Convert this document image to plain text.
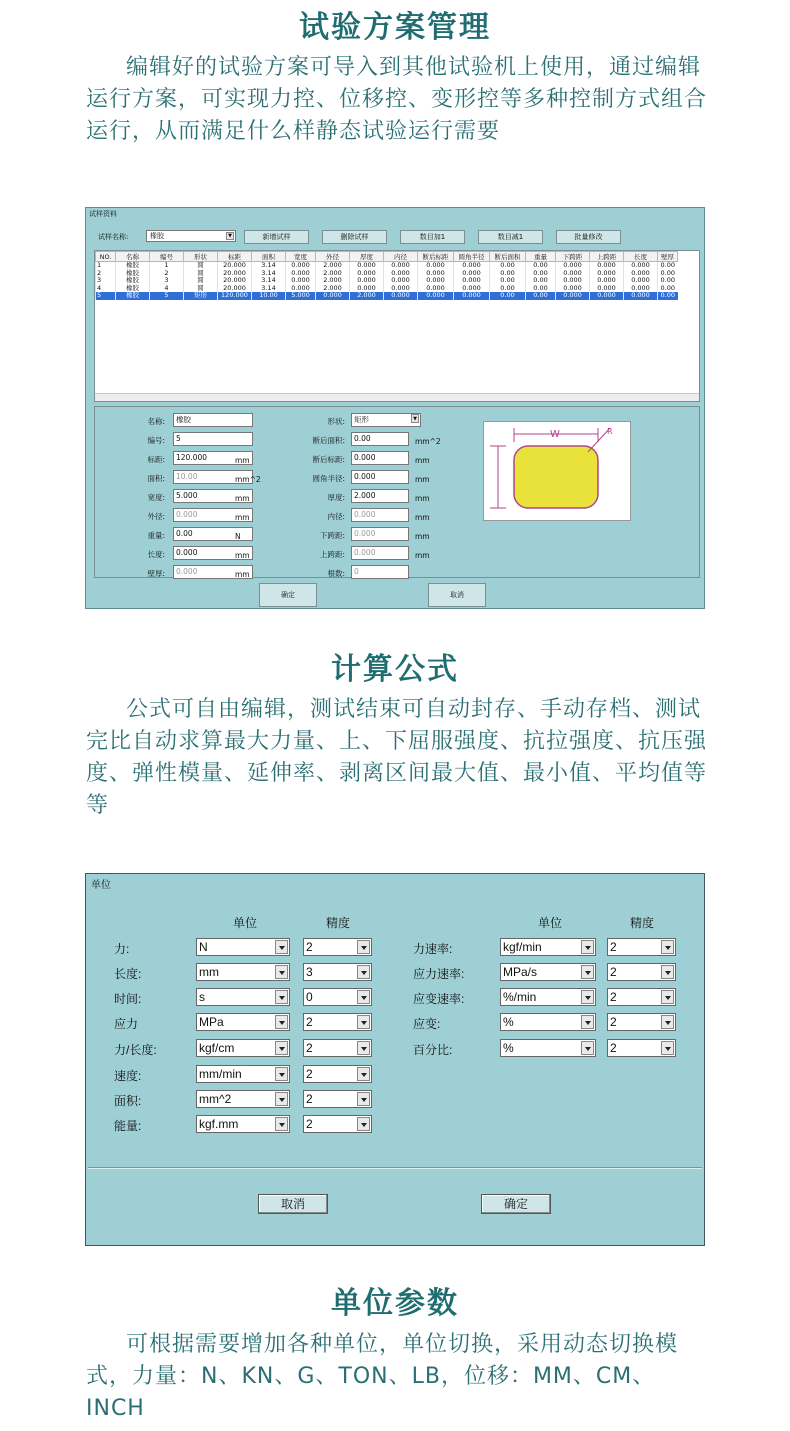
试验方案管理
编辑好的试验方案可导入到其他试验机上使用，通过编辑运行方案，可实现力控、位移控、变形控等多种控制方式组合运行，从而满足什么样静态试验运行需要
试样资料
试样名称:	橡胶	▼	新增试样	删除试样	数目加1	数目减1	批量修改
NO.	名称	编号	形状	标距	面积	宽度	外径	厚度	内径	断后标距	圆角半径	断后面积	重量	下跨距	上跨距	长度	壁厚
1	橡胶	1	圆	20.000	3.14	0.000	2.000	0.000	0.000	0.000	0.000	0.00	0.00	0.000	0.000	0.000	0.00
2	橡胶	2	圆	20.000	3.14	0.000	2.000	0.000	0.000	0.000	0.000	0.00	0.00	0.000	0.000	0.000	0.00
3	橡胶	3	圆	20.000	3.14	0.000	2.000	0.000	0.000	0.000	0.000	0.00	0.00	0.000	0.000	0.000	0.00
4	橡胶	4	圆	20.000	3.14	0.000	2.000	0.000	0.000	0.000	0.000	0.00	0.00	0.000	0.000	0.000	0.00
5	橡胶	5	矩形	120.000	10.00	5.000	0.000	2.000	0.000	0.000	0.000	0.00	0.00	0.000	0.000	0.000	0.00
W	R
名称:	橡胶
编号:	5
标距:	120.000	mm
面积:	10.00	mm^2
宽度:	5.000	mm
外径:	0.000	mm
重量:	0.00	N
长度:	0.000	mm
壁厚:	0.000	mm
形状:	矩形	▼
断后面积:	0.00	mm^2
断后标距:	0.000	mm
圆角半径:	0.000	mm
厚度:	2.000	mm
内径:	0.000	mm
下跨距:	0.000	mm
上跨距:	0.000	mm
根数:	0
确定	取消
计算公式
公式可自由编辑，测试结束可自动封存、手动存档、测试完比自动求算最大力量、上、下屈服强度、抗拉强度、抗压强度、弹性模量、延伸率、剥离区间最大值、最小值、平均值等等
单位
单位	精度	单位	精度
取消	确定
力:	N	2
长度:	mm	3
时间:	s	0
应力	MPa	2
力/长度:	kgf/cm	2
速度:	mm/min	2
面积:	mm^2	2
能量:	kgf.mm	2
力速率:	kgf/min	2
应力速率:	MPa/s	2
应变速率:	%/min	2
应变:	%	2
百分比:	%	2
单位参数
可根据需要增加各种单位，单位切换，采用动态切换模式，力量：N、KN、G、TON、LB，位移：MM、CM、INCH
